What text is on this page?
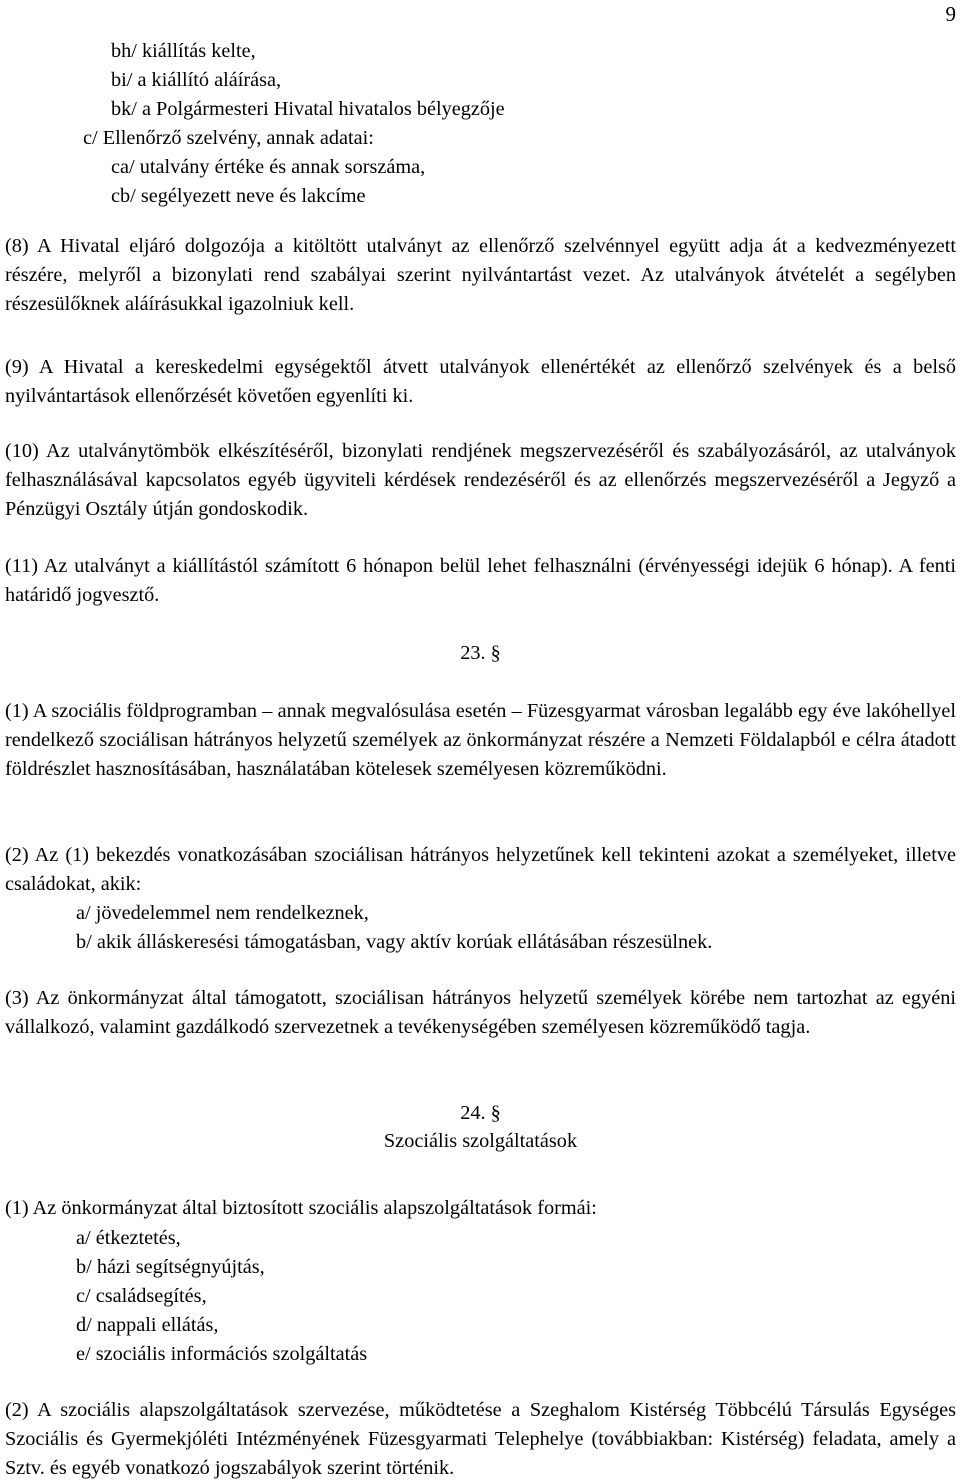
9
bh/ kiállítás kelte,
bi/ a kiállító aláírása,
bk/ a Polgármesteri Hivatal hivatalos bélyegzője
c/ Ellenőrző szelvény, annak adatai:
ca/ utalvány értéke és annak sorszáma,
cb/ segélyezett neve és lakcíme
(8) A Hivatal eljáró dolgozója a kitöltött utalványt az ellenőrző szelvénnyel együtt adja át a kedvezményezett részére, melyről a bizonylati rend szabályai szerint nyilvántartást vezet. Az utalványok átvételét a segélyben részesülőknek aláírásukkal igazolniuk kell.
(9) A Hivatal a kereskedelmi egységektől átvett utalványok ellenértékét az ellenőrző szelvények és a belső nyilvántartások ellenőrzését követően egyenlíti ki.
(10) Az utalványtömbök elkészítéséről, bizonylati rendjének megszervezéséről és szabályozásáról, az utalványok felhasználásával kapcsolatos egyéb ügyviteli kérdések rendezéséről és az ellenőrzés megszervezéséről a Jegyző a Pénzügyi Osztály útján gondoskodik.
(11) Az utalványt a kiállítástól számított 6 hónapon belül lehet felhasználni (érvényességi idejük 6 hónap). A fenti határidő jogvesztő.
23. §
(1) A szociális földprogramban – annak megvalósulása esetén – Füzesgyarmat városban legalább egy éve lakóhellyel rendelkező szociálisan hátrányos helyzetű személyek az önkormányzat részére a Nemzeti Földalapból e célra átadott földrészlet hasznosításában, használatában kötelesek személyesen közreműködni.
(2) Az (1) bekezdés vonatkozásában szociálisan hátrányos helyzetűnek kell tekinteni azokat a személyeket, illetve családokat, akik:
a/ jövedelemmel nem rendelkeznek,
b/ akik álláskeresési támogatásban, vagy aktív korúak ellátásában részesülnek.
(3) Az önkormányzat által támogatott, szociálisan hátrányos helyzetű személyek körébe nem tartozhat az egyéni vállalkozó, valamint gazdálkodó szervezetnek a tevékenységében személyesen közreműködő tagja.
24. §
Szociális szolgáltatások
(1) Az önkormányzat által biztosított szociális alapszolgáltatások formái:
a/ étkeztetés,
b/ házi segítségnyújtás,
c/ családsegítés,
d/ nappali ellátás,
e/ szociális információs szolgáltatás
(2) A szociális alapszolgáltatások szervezése, működtetése a Szeghalom Kistérség Többcélú Társulás Egységes Szociális és Gyermekjóléti Intézményének Füzesgyarmati Telephelye (továbbiakban: Kistérség) feladata, amely a Sztv. és egyéb vonatkozó jogszabályok szerint történik.
